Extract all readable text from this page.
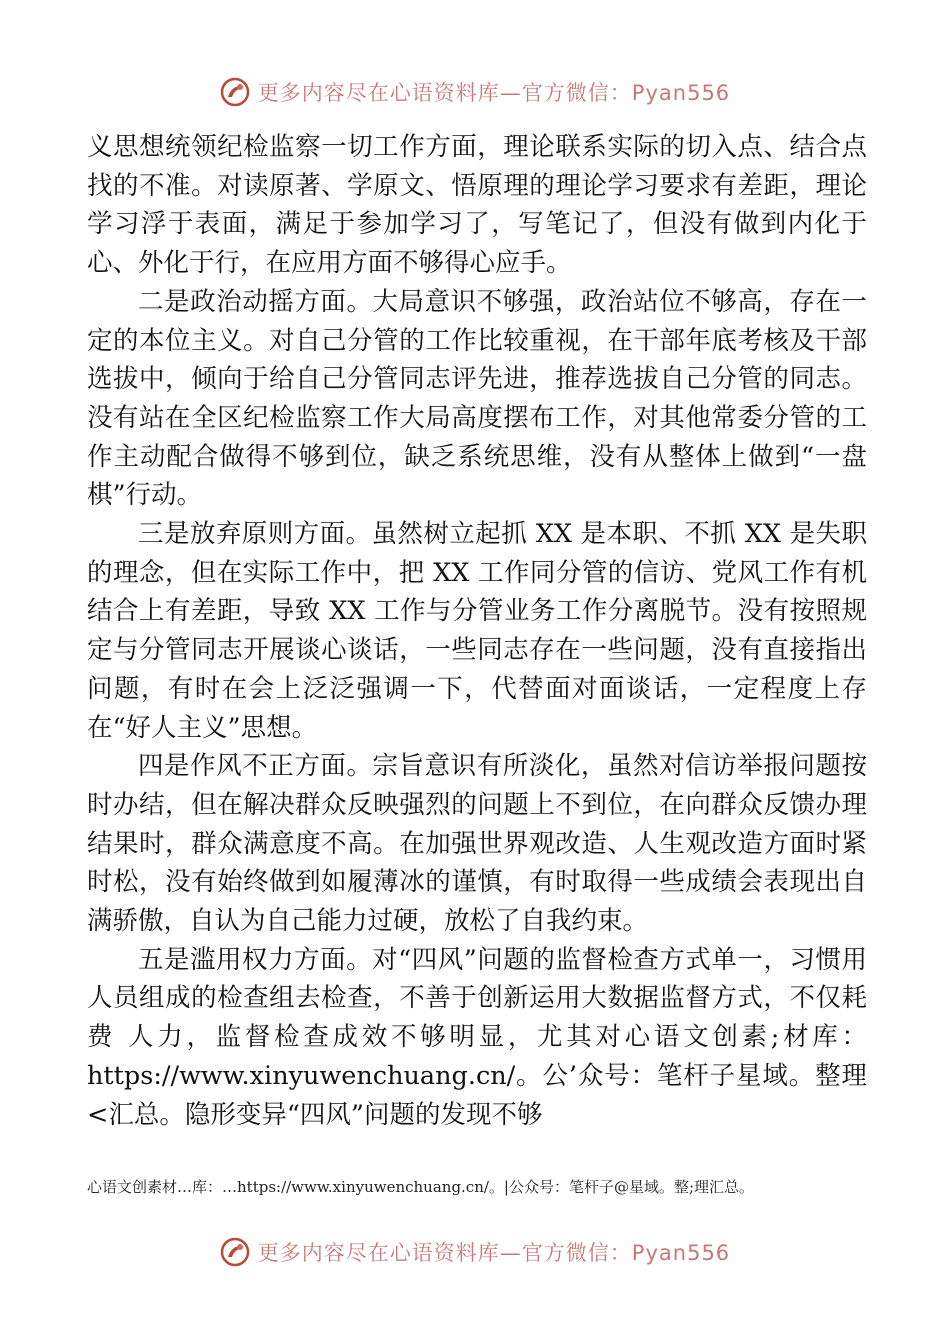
更多内容尽在心语资料库—官方微信：Pyan556

义思想统领纪检监察一切工作方面，理论联系实际的切入点、结合点找的不准。对读原著、学原文、悟原理的理论学习要求有差距，理论 学习浮于表面，满足于参加学习了，写笔记了，但没有做到内化于心、外化于行，在应用方面不够得心应手。

二是政治动摇方面。大局意识不够强，政治站位不够高，存在一 定的本位主义。对自己分管的工作比较重视，在干部年底考核及干部 选拔中，倾向于给自己分管同志评先进，推荐选拔自己分管的同志。 没有站在全区纪检监察工作大局高度摆布工作，对其他常委分管的工 作主动配合做得不够到位，缺乏系统思维，没有从整体上做到“一盘棋”行动。

三是放弃原则方面。虽然树立起抓 XX 是本职、不抓 XX 是失职的理念，但在实际工作中，把 XX 工作同分管的信访、党风工作有机结合上有差距，导致 XX 工作与分管业务工作分离脱节。没有按照规定与分管同志开展谈心谈话，一些同志存在一些问题，没有直接指出问题，有时在会上泛泛强调一下，代替面对面谈话，一定程度上存在“好人主义”思想。

四是作风不正方面。宗旨意识有所淡化，虽然对信访举报问题按时办结，但在解决群众反映强烈的问题上不到位，在向群众反馈办理结果时，群众满意度不高。在加强世界观改造、人生观改造方面时紧时松，没有始终做到如履薄冰的谨慎，有时取得一些成绩会表现出自满骄傲，自认为自己能力过硬，放松了自我约束。

五是滥用权力方面。对“四风”问题的监督检查方式单一，习惯用人员组成的检查组去检查，不善于创新运用大数据监督方式，不仅耗费 人力，监督检查成效不够明显，尤其对心语文创素;材库：https://www.xinyuwenchuang.cn/。公’众号：笔杆子星域。整理<汇总。隐形变异“四风”问题的发现不够

心语文创素材…库：…https://www.xinyuwenchuang.cn/。|公众号：笔杆子@星域。整;理汇总。
更多内容尽在心语资料库—官方微信：Pyan556
